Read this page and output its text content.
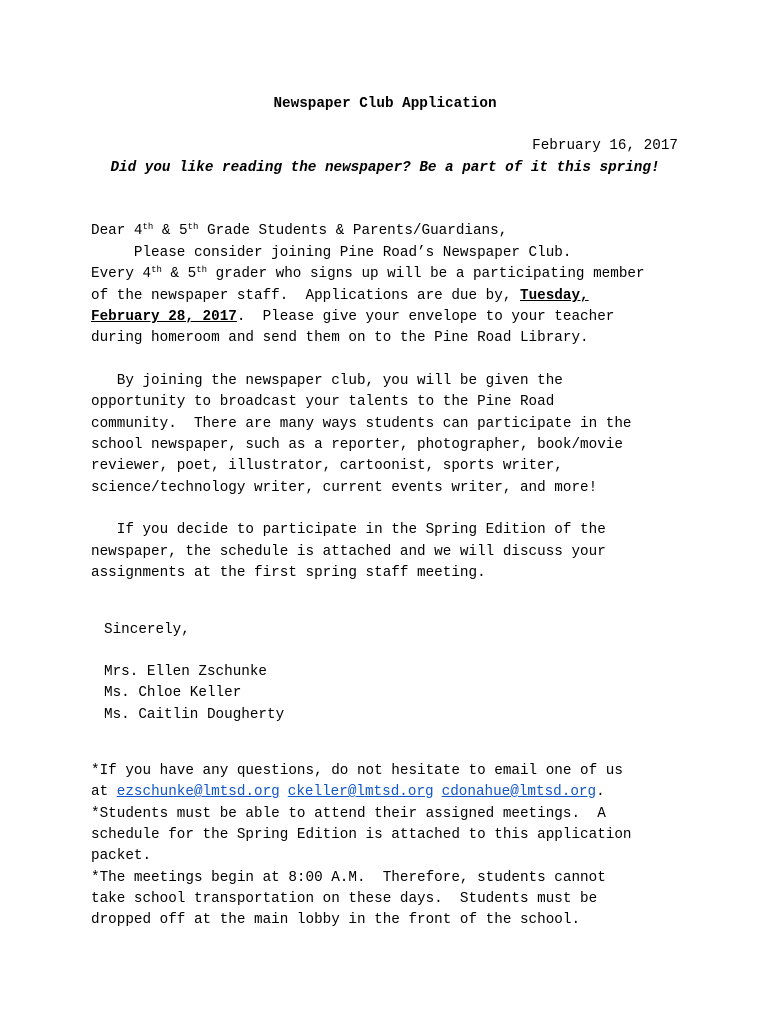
Newspaper Club Application
February 16, 2017
Did you like reading the newspaper? Be a part of it this spring!
Dear 4th & 5th Grade Students & Parents/Guardians,
Please consider joining Pine Road’s Newspaper Club.
Every 4th & 5th grader who signs up will be a participating member
of the newspaper staff.  Applications are due by, Tuesday,
February 28, 2017.  Please give your envelope to your teacher
during homeroom and send them on to the Pine Road Library.
By joining the newspaper club, you will be given the
opportunity to broadcast your talents to the Pine Road
community.  There are many ways students can participate in the
school newspaper, such as a reporter, photographer, book/movie
reviewer, poet, illustrator, cartoonist, sports writer,
science/technology writer, current events writer, and more!
If you decide to participate in the Spring Edition of the
newspaper, the schedule is attached and we will discuss your
assignments at the first spring staff meeting.
Sincerely,
Mrs. Ellen Zschunke
Ms. Chloe Keller
Ms. Caitlin Dougherty
*If you have any questions, do not hesitate to email one of us
at ezschunke@lmtsd.org ckeller@lmtsd.org cdonahue@lmtsd.org.
*Students must be able to attend their assigned meetings.  A
schedule for the Spring Edition is attached to this application
packet.
*The meetings begin at 8:00 A.M.  Therefore, students cannot
take school transportation on these days.  Students must be
dropped off at the main lobby in the front of the school.
